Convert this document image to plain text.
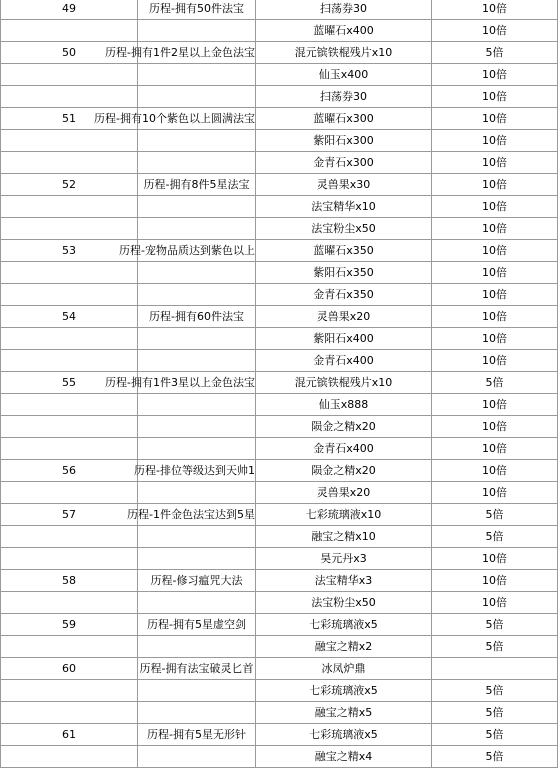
49	历程-拥有50件法宝	扫荡券30	10倍
		蓝曜石x400	10倍
50	历程-拥有1件2星以上金色法宝	混元镔铁棍残片x10	5倍
		仙玉x400	10倍
		扫荡券30	10倍
51	历程-拥有10个紫色以上圆满法宝	蓝曜石x300	10倍
		紫阳石x300	10倍
		金青石x300	10倍
52	历程-拥有8件5星法宝	灵兽果x30	10倍
		法宝精华x10	10倍
		法宝粉尘x50	10倍
53	历程-宠物品质达到紫色以上	蓝曜石x350	10倍
		紫阳石x350	10倍
		金青石x350	10倍
54	历程-拥有60件法宝	灵兽果x20	10倍
		紫阳石x400	10倍
		金青石x400	10倍
55	历程-拥有1件3星以上金色法宝	混元镔铁棍残片x10	5倍
		仙玉x888	10倍
		陨金之精x20	10倍
		金青石x400	10倍
56	历程-排位等级达到天帅1	陨金之精x20	10倍
		灵兽果x20	10倍
57	历程-1件金色法宝达到5星	七彩琉璃液x10	5倍
		融宝之精x10	5倍
		昊元丹x3	10倍
58	历程-修习瘟咒大法	法宝精华x3	10倍
		法宝粉尘x50	10倍
59	历程-拥有5星虚空剑	七彩琉璃液x5	5倍
		融宝之精x2	5倍
60	历程-拥有法宝破灵匕首	冰凤炉鼎	
		七彩琉璃液x5	5倍
		融宝之精x5	5倍
61	历程-拥有5星无形针	七彩琉璃液x5	5倍
		融宝之精x4	5倍
